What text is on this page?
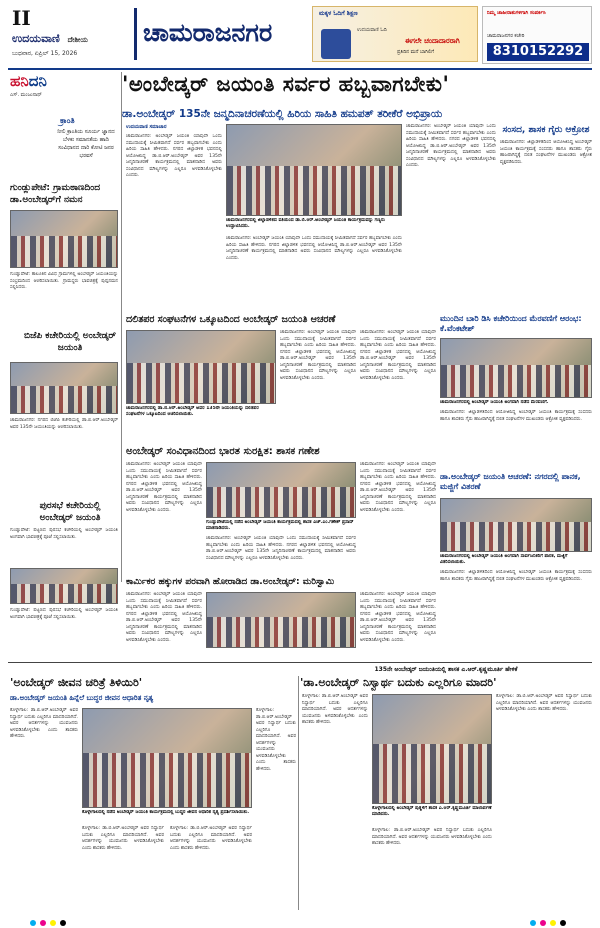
II
ಉದಯವಾಣಿ ದೇಶೀಯ
ಬುಧವಾರ, ಏಪ್ರಿಲ್ 15, 2026
ಚಾಮರಾಜನಗರ
ಮಕ್ಕಳ ಓದಿಗೆ ಶಿಕ್ಷಣ
ಉದಯವಾಣಿ ಓದಿ
ಈಗಲೇ ಚಂದಾದಾರರಾಗಿ
ಪ್ರತಿದಿನ ಮನೆ ಬಾಗಿಲಿಗೆ
ನಿಮ್ಮ ಜಾಹೀರಾತುಗಳಿಗಾಗಿ ಸಂಪರ್ಕಿಸಿ
ಚಾಮರಾಜನಗರ ಕಚೇರಿ
8310152292
ಹನಿದನಿ
ಎಸ್. ಮಂಜುನಾಥ್
ಕ್ರಾಂತಿ
ನೀಲಿ ಕ್ರಾಂತಿಯ ಸೂರ್ಯ ಜ್ಞಾನದ ಬೆಳಕು ಸಮಾನತೆಯ ಹಾದಿ ಸಂವಿಧಾನದ ದಾರಿ ಕೋಟಿ ಜನರ ಭರವಸೆ
'ಅಂಬೇಡ್ಕರ್ ಜಯಂತಿ ಸರ್ವರ ಹಬ್ಬವಾಗಬೇಕು'
ಡಾ.ಅಂಬೇಡ್ಕರ್ 135ನೇ ಜನ್ಮದಿನಾಚರಣೆಯಲ್ಲಿ ಹಿರಿಯ ಸಾಹಿತಿ ಹಮಪತ್ ತರೀಕೆರೆ ಅಭಿಪ್ರಾಯ
ಗುಂಡ್ಲುಪೇಟೆ: ಗ್ರಾಮಠಾಣದಿಂದ ಡಾ.ಅಂಬೇಡ್ಕರ್‌ಗೆ ನಮನ
ಗುಂಡ್ಲುಪೇಟೆ: ತಾಲೂಕಿನ ವಿವಿಧ ಗ್ರಾಮಗಳಲ್ಲಿ ಅಂಬೇಡ್ಕರ್ ಜಯಂತಿಯನ್ನು ಸಂಭ್ರಮದಿಂದ ಆಚರಿಸಲಾಯಿತು. ಗ್ರಾಮಸ್ಥರು ಭಾವಚಿತ್ರಕ್ಕೆ ಪುಷ್ಪನಮನ ಸಲ್ಲಿಸಿದರು.
ಬಿಜೆಪಿ ಕಚೇರಿಯಲ್ಲಿ ಅಂಬೇಡ್ಕರ್ ಜಯಂತಿ
ಚಾಮರಾಜನಗರ: ನಗರದ ಬಿಜೆಪಿ ಕಚೇರಿಯಲ್ಲಿ ಡಾ.ಬಿ.ಆರ್.ಅಂಬೇಡ್ಕರ್ ಅವರ 135ನೇ ಜಯಂತಿಯನ್ನು ಆಚರಿಸಲಾಯಿತು.
ಪುರಸಭೆ ಕಚೇರಿಯಲ್ಲಿ ಅಂಬೇಡ್ಕರ್ ಜಯಂತಿ
ಗುಂಡ್ಲುಪೇಟೆ: ಪಟ್ಟಣದ ಪುರಸಭೆ ಕಚೇರಿಯಲ್ಲಿ ಅಂಬೇಡ್ಕರ್ ಜಯಂತಿ ಅಂಗವಾಗಿ ಭಾವಚಿತ್ರಕ್ಕೆ ಪೂಜೆ ಸಲ್ಲಿಸಲಾಯಿತು.
ಉದಯವಾಣಿ ಸಮಾಚಾರ
ಚಾಮರಾಜನಗರ: ಅಂಬೇಡ್ಕರ್ ಜಯಂತಿ ಯಾವುದೇ ಒಂದು ಸಮುದಾಯಕ್ಕೆ ಸೀಮಿತವಾಗದೆ ಸರ್ವರ ಹಬ್ಬವಾಗಬೇಕು ಎಂದು ಹಿರಿಯ ಸಾಹಿತಿ ಹೇಳಿದರು. ನಗರದ ಜಿಲ್ಲಾಡಳಿತ ಭವನದಲ್ಲಿ ಆಯೋಜಿಸಿದ್ದ ಡಾ.ಬಿ.ಆರ್.ಅಂಬೇಡ್ಕರ್ ಅವರ 135ನೇ ಜನ್ಮದಿನಾಚರಣೆ ಕಾರ್ಯಕ್ರಮದಲ್ಲಿ ಮಾತನಾಡಿದ ಅವರು ಸಂವಿಧಾನದ ಮೌಲ್ಯಗಳನ್ನು ಎಲ್ಲರೂ ಅಳವಡಿಸಿಕೊಳ್ಳಬೇಕು ಎಂದರು.
ಚಾಮರಾಜನಗರದಲ್ಲಿ ಜಿಲ್ಲಾಡಳಿತದ ವತಿಯಿಂದ ಡಾ.ಬಿ.ಆರ್.ಅಂಬೇಡ್ಕರ್ ಜಯಂತಿ ಕಾರ್ಯಕ್ರಮವನ್ನು ಗಣ್ಯರು ಉದ್ಘಾಟಿಸಿದರು.
ಚಾಮರಾಜನಗರ: ಅಂಬೇಡ್ಕರ್ ಜಯಂತಿ ಯಾವುದೇ ಒಂದು ಸಮುದಾಯಕ್ಕೆ ಸೀಮಿತವಾಗದೆ ಸರ್ವರ ಹಬ್ಬವಾಗಬೇಕು ಎಂದು ಹಿರಿಯ ಸಾಹಿತಿ ಹೇಳಿದರು. ನಗರದ ಜಿಲ್ಲಾಡಳಿತ ಭವನದಲ್ಲಿ ಆಯೋಜಿಸಿದ್ದ ಡಾ.ಬಿ.ಆರ್.ಅಂಬೇಡ್ಕರ್ ಅವರ 135ನೇ ಜನ್ಮದಿನಾಚರಣೆ ಕಾರ್ಯಕ್ರಮದಲ್ಲಿ ಮಾತನಾಡಿದ ಅವರು ಸಂವಿಧಾನದ ಮೌಲ್ಯಗಳನ್ನು ಎಲ್ಲರೂ ಅಳವಡಿಸಿಕೊಳ್ಳಬೇಕು ಎಂದರು.
ಚಾಮರಾಜನಗರ: ಅಂಬೇಡ್ಕರ್ ಜಯಂತಿ ಯಾವುದೇ ಒಂದು ಸಮುದಾಯಕ್ಕೆ ಸೀಮಿತವಾಗದೆ ಸರ್ವರ ಹಬ್ಬವಾಗಬೇಕು ಎಂದು ಹಿರಿಯ ಸಾಹಿತಿ ಹೇಳಿದರು. ನಗರದ ಜಿಲ್ಲಾಡಳಿತ ಭವನದಲ್ಲಿ ಆಯೋಜಿಸಿದ್ದ ಡಾ.ಬಿ.ಆರ್.ಅಂಬೇಡ್ಕರ್ ಅವರ 135ನೇ ಜನ್ಮದಿನಾಚರಣೆ ಕಾರ್ಯಕ್ರಮದಲ್ಲಿ ಮಾತನಾಡಿದ ಅವರು ಸಂವಿಧಾನದ ಮೌಲ್ಯಗಳನ್ನು ಎಲ್ಲರೂ ಅಳವಡಿಸಿಕೊಳ್ಳಬೇಕು ಎಂದರು.
ಸಂಸದ, ಶಾಸಕ ಗೈರು ಆಕ್ರೋಶ
ಚಾಮರಾಜನಗರ: ಜಿಲ್ಲಾಡಳಿತದಿಂದ ಆಯೋಜಿಸಿದ್ದ ಅಂಬೇಡ್ಕರ್ ಜಯಂತಿ ಕಾರ್ಯಕ್ರಮಕ್ಕೆ ಸಂಸದರು ಹಾಗೂ ಶಾಸಕರು ಗೈರು ಹಾಜರಾಗಿದ್ದಕ್ಕೆ ದಲಿತ ಸಂಘಟನೆಗಳ ಮುಖಂಡರು ಆಕ್ರೋಶ ವ್ಯಕ್ತಪಡಿಸಿದರು.
ದಲಿತಪರ ಸಂಘಟನೆಗಳ ಒಕ್ಕೂಟದಿಂದ ಅಂಬೇಡ್ಕರ್ ಜಯಂತಿ ಆಚರಣೆ
ಚಾಮರಾಜನಗರದಲ್ಲಿ ಡಾ.ಬಿ.ಆರ್.ಅಂಬೇಡ್ಕರ್ ಅವರ 135ನೇ ಜಯಂತಿಯನ್ನು ದಲಿತಪರ ಸಂಘಟನೆಗಳ ಒಕ್ಕೂಟದಿಂದ ಆಚರಿಸಲಾಯಿತು.
ಚಾಮರಾಜನಗರ: ಅಂಬೇಡ್ಕರ್ ಜಯಂತಿ ಯಾವುದೇ ಒಂದು ಸಮುದಾಯಕ್ಕೆ ಸೀಮಿತವಾಗದೆ ಸರ್ವರ ಹಬ್ಬವಾಗಬೇಕು ಎಂದು ಹಿರಿಯ ಸಾಹಿತಿ ಹೇಳಿದರು. ನಗರದ ಜಿಲ್ಲಾಡಳಿತ ಭವನದಲ್ಲಿ ಆಯೋಜಿಸಿದ್ದ ಡಾ.ಬಿ.ಆರ್.ಅಂಬೇಡ್ಕರ್ ಅವರ 135ನೇ ಜನ್ಮದಿನಾಚರಣೆ ಕಾರ್ಯಕ್ರಮದಲ್ಲಿ ಮಾತನಾಡಿದ ಅವರು ಸಂವಿಧಾನದ ಮೌಲ್ಯಗಳನ್ನು ಎಲ್ಲರೂ ಅಳವಡಿಸಿಕೊಳ್ಳಬೇಕು ಎಂದರು.
ಚಾಮರಾಜನಗರ: ಅಂಬೇಡ್ಕರ್ ಜಯಂತಿ ಯಾವುದೇ ಒಂದು ಸಮುದಾಯಕ್ಕೆ ಸೀಮಿತವಾಗದೆ ಸರ್ವರ ಹಬ್ಬವಾಗಬೇಕು ಎಂದು ಹಿರಿಯ ಸಾಹಿತಿ ಹೇಳಿದರು. ನಗರದ ಜಿಲ್ಲಾಡಳಿತ ಭವನದಲ್ಲಿ ಆಯೋಜಿಸಿದ್ದ ಡಾ.ಬಿ.ಆರ್.ಅಂಬೇಡ್ಕರ್ ಅವರ 135ನೇ ಜನ್ಮದಿನಾಚರಣೆ ಕಾರ್ಯಕ್ರಮದಲ್ಲಿ ಮಾತನಾಡಿದ ಅವರು ಸಂವಿಧಾನದ ಮೌಲ್ಯಗಳನ್ನು ಎಲ್ಲರೂ ಅಳವಡಿಸಿಕೊಳ್ಳಬೇಕು ಎಂದರು.
ಮುಂದಿನ ಬಾರಿ ಡಿಸಿ ಕಚೇರಿಯಿಂದ ಮೆರವಣಿಗೆ ಆರಂಭ: ಕೆ.ವೆಂಕಟೇಶ್
ಚಾಮರಾಜನಗರದಲ್ಲಿ ಅಂಬೇಡ್ಕರ್ ಜಯಂತಿ ಅಂಗವಾಗಿ ನಡೆದ ಮೆರವಣಿಗೆ.
ಚಾಮರಾಜನಗರ: ಜಿಲ್ಲಾಡಳಿತದಿಂದ ಆಯೋಜಿಸಿದ್ದ ಅಂಬೇಡ್ಕರ್ ಜಯಂತಿ ಕಾರ್ಯಕ್ರಮಕ್ಕೆ ಸಂಸದರು ಹಾಗೂ ಶಾಸಕರು ಗೈರು ಹಾಜರಾಗಿದ್ದಕ್ಕೆ ದಲಿತ ಸಂಘಟನೆಗಳ ಮುಖಂಡರು ಆಕ್ರೋಶ ವ್ಯಕ್ತಪಡಿಸಿದರು.
ಅಂಬೇಡ್ಕರ್ ಸಂವಿಧಾನದಿಂದ ಭಾರತ ಸುರಕ್ಷಿತ: ಶಾಸಕ ಗಣೇಶ
ಚಾಮರಾಜನಗರ: ಅಂಬೇಡ್ಕರ್ ಜಯಂತಿ ಯಾವುದೇ ಒಂದು ಸಮುದಾಯಕ್ಕೆ ಸೀಮಿತವಾಗದೆ ಸರ್ವರ ಹಬ್ಬವಾಗಬೇಕು ಎಂದು ಹಿರಿಯ ಸಾಹಿತಿ ಹೇಳಿದರು. ನಗರದ ಜಿಲ್ಲಾಡಳಿತ ಭವನದಲ್ಲಿ ಆಯೋಜಿಸಿದ್ದ ಡಾ.ಬಿ.ಆರ್.ಅಂಬೇಡ್ಕರ್ ಅವರ 135ನೇ ಜನ್ಮದಿನಾಚರಣೆ ಕಾರ್ಯಕ್ರಮದಲ್ಲಿ ಮಾತನಾಡಿದ ಅವರು ಸಂವಿಧಾನದ ಮೌಲ್ಯಗಳನ್ನು ಎಲ್ಲರೂ ಅಳವಡಿಸಿಕೊಳ್ಳಬೇಕು ಎಂದರು.
ಗುಂಡ್ಲುಪೇಟೆಯಲ್ಲಿ ನಡೆದ ಅಂಬೇಡ್ಕರ್ ಜಯಂತಿ ಕಾರ್ಯಕ್ರಮದಲ್ಲಿ ಶಾಸಕ ಎಚ್.ಎಂ.ಗಣೇಶ್ ಪ್ರಸಾದ್ ಮಾತನಾಡಿದರು.
ಚಾಮರಾಜನಗರ: ಅಂಬೇಡ್ಕರ್ ಜಯಂತಿ ಯಾವುದೇ ಒಂದು ಸಮುದಾಯಕ್ಕೆ ಸೀಮಿತವಾಗದೆ ಸರ್ವರ ಹಬ್ಬವಾಗಬೇಕು ಎಂದು ಹಿರಿಯ ಸಾಹಿತಿ ಹೇಳಿದರು. ನಗರದ ಜಿಲ್ಲಾಡಳಿತ ಭವನದಲ್ಲಿ ಆಯೋಜಿಸಿದ್ದ ಡಾ.ಬಿ.ಆರ್.ಅಂಬೇಡ್ಕರ್ ಅವರ 135ನೇ ಜನ್ಮದಿನಾಚರಣೆ ಕಾರ್ಯಕ್ರಮದಲ್ಲಿ ಮಾತನಾಡಿದ ಅವರು ಸಂವಿಧಾನದ ಮೌಲ್ಯಗಳನ್ನು ಎಲ್ಲರೂ ಅಳವಡಿಸಿಕೊಳ್ಳಬೇಕು ಎಂದರು.
ಚಾಮರಾಜನಗರ: ಅಂಬೇಡ್ಕರ್ ಜಯಂತಿ ಯಾವುದೇ ಒಂದು ಸಮುದಾಯಕ್ಕೆ ಸೀಮಿತವಾಗದೆ ಸರ್ವರ ಹಬ್ಬವಾಗಬೇಕು ಎಂದು ಹಿರಿಯ ಸಾಹಿತಿ ಹೇಳಿದರು. ನಗರದ ಜಿಲ್ಲಾಡಳಿತ ಭವನದಲ್ಲಿ ಆಯೋಜಿಸಿದ್ದ ಡಾ.ಬಿ.ಆರ್.ಅಂಬೇಡ್ಕರ್ ಅವರ 135ನೇ ಜನ್ಮದಿನಾಚರಣೆ ಕಾರ್ಯಕ್ರಮದಲ್ಲಿ ಮಾತನಾಡಿದ ಅವರು ಸಂವಿಧಾನದ ಮೌಲ್ಯಗಳನ್ನು ಎಲ್ಲರೂ ಅಳವಡಿಸಿಕೊಳ್ಳಬೇಕು ಎಂದರು.
ಡಾ.ಅಂಬೇಡ್ಕರ್ ಜಯಂತಿ ಆಚರಣೆ: ನಗರದಲ್ಲಿ ಪಾನಕ, ಮಜ್ಜಿಗೆ ವಿತರಣೆ
ಚಾಮರಾಜನಗರದಲ್ಲಿ ಅಂಬೇಡ್ಕರ್ ಜಯಂತಿ ಅಂಗವಾಗಿ ಸಾರ್ವಜನಿಕರಿಗೆ ಪಾನಕ, ಮಜ್ಜಿಗೆ ವಿತರಿಸಲಾಯಿತು.
ಚಾಮರಾಜನಗರ: ಜಿಲ್ಲಾಡಳಿತದಿಂದ ಆಯೋಜಿಸಿದ್ದ ಅಂಬೇಡ್ಕರ್ ಜಯಂತಿ ಕಾರ್ಯಕ್ರಮಕ್ಕೆ ಸಂಸದರು ಹಾಗೂ ಶಾಸಕರು ಗೈರು ಹಾಜರಾಗಿದ್ದಕ್ಕೆ ದಲಿತ ಸಂಘಟನೆಗಳ ಮುಖಂಡರು ಆಕ್ರೋಶ ವ್ಯಕ್ತಪಡಿಸಿದರು.
ಕಾರ್ಮಿಕರ ಹಕ್ಕುಗಳ ಪರವಾಗಿ ಹೋರಾಡಿದ ಡಾ.ಅಂಬೇಡ್ಕರ್: ಮರಿಸ್ವಾಮಿ
ಚಾಮರಾಜನಗರ: ಅಂಬೇಡ್ಕರ್ ಜಯಂತಿ ಯಾವುದೇ ಒಂದು ಸಮುದಾಯಕ್ಕೆ ಸೀಮಿತವಾಗದೆ ಸರ್ವರ ಹಬ್ಬವಾಗಬೇಕು ಎಂದು ಹಿರಿಯ ಸಾಹಿತಿ ಹೇಳಿದರು. ನಗರದ ಜಿಲ್ಲಾಡಳಿತ ಭವನದಲ್ಲಿ ಆಯೋಜಿಸಿದ್ದ ಡಾ.ಬಿ.ಆರ್.ಅಂಬೇಡ್ಕರ್ ಅವರ 135ನೇ ಜನ್ಮದಿನಾಚರಣೆ ಕಾರ್ಯಕ್ರಮದಲ್ಲಿ ಮಾತನಾಡಿದ ಅವರು ಸಂವಿಧಾನದ ಮೌಲ್ಯಗಳನ್ನು ಎಲ್ಲರೂ ಅಳವಡಿಸಿಕೊಳ್ಳಬೇಕು ಎಂದರು.
ಚಾಮರಾಜನಗರ: ಅಂಬೇಡ್ಕರ್ ಜಯಂತಿ ಯಾವುದೇ ಒಂದು ಸಮುದಾಯಕ್ಕೆ ಸೀಮಿತವಾಗದೆ ಸರ್ವರ ಹಬ್ಬವಾಗಬೇಕು ಎಂದು ಹಿರಿಯ ಸಾಹಿತಿ ಹೇಳಿದರು. ನಗರದ ಜಿಲ್ಲಾಡಳಿತ ಭವನದಲ್ಲಿ ಆಯೋಜಿಸಿದ್ದ ಡಾ.ಬಿ.ಆರ್.ಅಂಬೇಡ್ಕರ್ ಅವರ 135ನೇ ಜನ್ಮದಿನಾಚರಣೆ ಕಾರ್ಯಕ್ರಮದಲ್ಲಿ ಮಾತನಾಡಿದ ಅವರು ಸಂವಿಧಾನದ ಮೌಲ್ಯಗಳನ್ನು ಎಲ್ಲರೂ ಅಳವಡಿಸಿಕೊಳ್ಳಬೇಕು ಎಂದರು.
ಗುಂಡ್ಲುಪೇಟೆ: ಪಟ್ಟಣದ ಪುರಸಭೆ ಕಚೇರಿಯಲ್ಲಿ ಅಂಬೇಡ್ಕರ್ ಜಯಂತಿ ಅಂಗವಾಗಿ ಭಾವಚಿತ್ರಕ್ಕೆ ಪೂಜೆ ಸಲ್ಲಿಸಲಾಯಿತು.
135ನೇ ಅಂಬೇಡ್ಕರ್ ಜಯಂತಿಯಲ್ಲಿ ಶಾಸಕ ಎ.ಆರ್.ಕೃಷ್ಣಮೂರ್ತಿ ಹೇಳಿಕೆ
'ಅಂಬೇಡ್ಕರ್ ಜೀವನ ಚರಿತ್ರೆ ತಿಳಿಯಿರಿ'
ಡಾ.ಅಂಬೇಡ್ಕರ್ ಜಯಂತಿ ಹಿನ್ನೆಲೆ ಬುದ್ಧರ ಜೀವನ ಆಧಾರಿತ ನೃತ್ಯ
'ಡಾ.ಅಂಬೇಡ್ಕರ್ ನಿಸ್ವಾರ್ಥ ಬದುಕು ಎಲ್ಲರಿಗೂ ಮಾದರಿ'
ಕೊಳ್ಳೇಗಾಲ: ಡಾ.ಬಿ.ಆರ್.ಅಂಬೇಡ್ಕರ್ ಅವರ ನಿಸ್ವಾರ್ಥ ಬದುಕು ಎಲ್ಲರಿಗೂ ಮಾದರಿಯಾಗಿದೆ. ಅವರ ಆದರ್ಶಗಳನ್ನು ಯುವಜನರು ಅಳವಡಿಸಿಕೊಳ್ಳಬೇಕು ಎಂದು ಶಾಸಕರು ಹೇಳಿದರು.
ಕೊಳ್ಳೇಗಾಲದಲ್ಲಿ ನಡೆದ ಅಂಬೇಡ್ಕರ್ ಜಯಂತಿ ಕಾರ್ಯಕ್ರಮದಲ್ಲಿ ಬುದ್ಧರ ಜೀವನ ಆಧಾರಿತ ನೃತ್ಯ ಪ್ರದರ್ಶಿಸಲಾಯಿತು.
ಕೊಳ್ಳೇಗಾಲ: ಡಾ.ಬಿ.ಆರ್.ಅಂಬೇಡ್ಕರ್ ಅವರ ನಿಸ್ವಾರ್ಥ ಬದುಕು ಎಲ್ಲರಿಗೂ ಮಾದರಿಯಾಗಿದೆ. ಅವರ ಆದರ್ಶಗಳನ್ನು ಯುವಜನರು ಅಳವಡಿಸಿಕೊಳ್ಳಬೇಕು ಎಂದು ಶಾಸಕರು ಹೇಳಿದರು.
ಕೊಳ್ಳೇಗಾಲ: ಡಾ.ಬಿ.ಆರ್.ಅಂಬೇಡ್ಕರ್ ಅವರ ನಿಸ್ವಾರ್ಥ ಬದುಕು ಎಲ್ಲರಿಗೂ ಮಾದರಿಯಾಗಿದೆ. ಅವರ ಆದರ್ಶಗಳನ್ನು ಯುವಜನರು ಅಳವಡಿಸಿಕೊಳ್ಳಬೇಕು ಎಂದು ಶಾಸಕರು ಹೇಳಿದರು.
ಕೊಳ್ಳೇಗಾಲ: ಡಾ.ಬಿ.ಆರ್.ಅಂಬೇಡ್ಕರ್ ಅವರ ನಿಸ್ವಾರ್ಥ ಬದುಕು ಎಲ್ಲರಿಗೂ ಮಾದರಿಯಾಗಿದೆ. ಅವರ ಆದರ್ಶಗಳನ್ನು ಯುವಜನರು ಅಳವಡಿಸಿಕೊಳ್ಳಬೇಕು ಎಂದು ಶಾಸಕರು ಹೇಳಿದರು.
ಕೊಳ್ಳೇಗಾಲ: ಡಾ.ಬಿ.ಆರ್.ಅಂಬೇಡ್ಕರ್ ಅವರ ನಿಸ್ವಾರ್ಥ ಬದುಕು ಎಲ್ಲರಿಗೂ ಮಾದರಿಯಾಗಿದೆ. ಅವರ ಆದರ್ಶಗಳನ್ನು ಯುವಜನರು ಅಳವಡಿಸಿಕೊಳ್ಳಬೇಕು ಎಂದು ಶಾಸಕರು ಹೇಳಿದರು.
ಕೊಳ್ಳೇಗಾಲದಲ್ಲಿ ಅಂಬೇಡ್ಕರ್ ಪುತ್ಥಳಿಗೆ ಶಾಸಕ ಎ.ಆರ್.ಕೃಷ್ಣಮೂರ್ತಿ ಮಾಲಾರ್ಪಣೆ ಮಾಡಿದರು.
ಕೊಳ್ಳೇಗಾಲ: ಡಾ.ಬಿ.ಆರ್.ಅಂಬೇಡ್ಕರ್ ಅವರ ನಿಸ್ವಾರ್ಥ ಬದುಕು ಎಲ್ಲರಿಗೂ ಮಾದರಿಯಾಗಿದೆ. ಅವರ ಆದರ್ಶಗಳನ್ನು ಯುವಜನರು ಅಳವಡಿಸಿಕೊಳ್ಳಬೇಕು ಎಂದು ಶಾಸಕರು ಹೇಳಿದರು.
ಕೊಳ್ಳೇಗಾಲ: ಡಾ.ಬಿ.ಆರ್.ಅಂಬೇಡ್ಕರ್ ಅವರ ನಿಸ್ವಾರ್ಥ ಬದುಕು ಎಲ್ಲರಿಗೂ ಮಾದರಿಯಾಗಿದೆ. ಅವರ ಆದರ್ಶಗಳನ್ನು ಯುವಜನರು ಅಳವಡಿಸಿಕೊಳ್ಳಬೇಕು ಎಂದು ಶಾಸಕರು ಹೇಳಿದರು.
